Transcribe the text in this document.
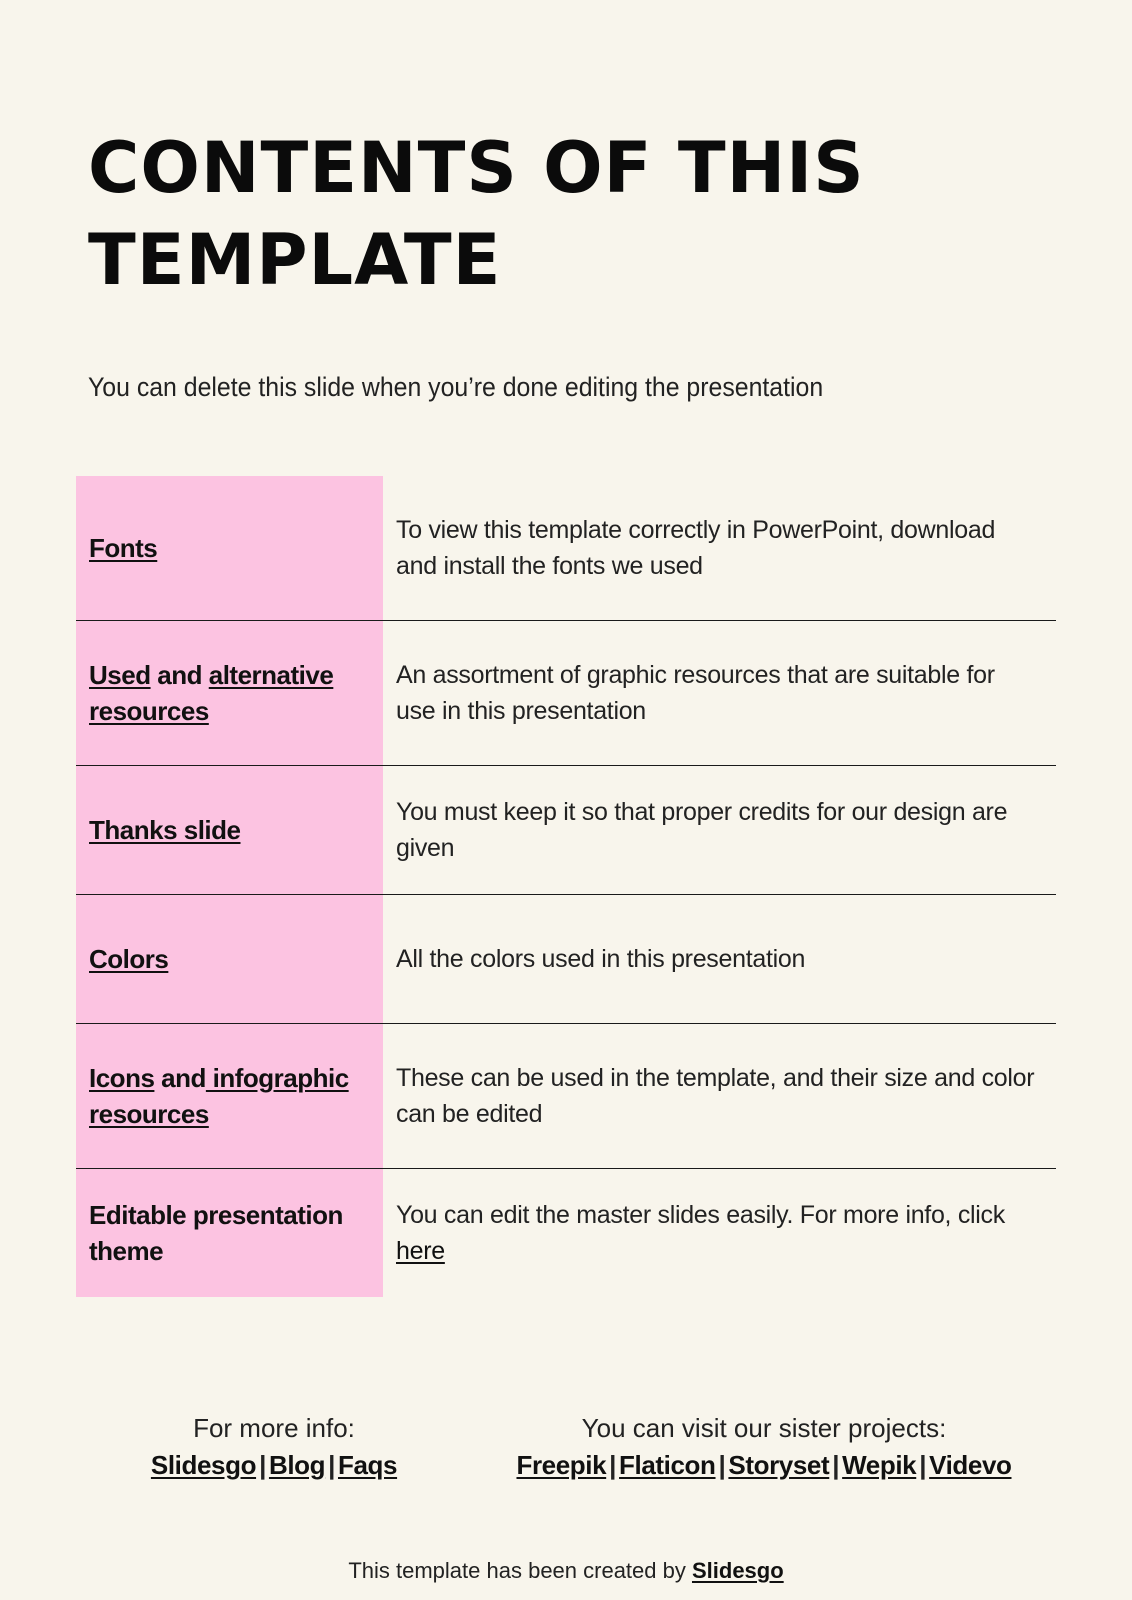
CONTENTS OF THIS
TEMPLATE
You can delete this slide when you’re done editing the presentation
Fonts
To view this template correctly in PowerPoint, download and install the fonts we used
Used and alternative resources
An assortment of graphic resources that are suitable for use in this presentation
Thanks slide
You must keep it so that proper credits for our design are given
Colors	All the colors used in this presentation
Icons and infographic resources
These can be used in the template, and their size and color can be edited
Editable presentation theme
You can edit the master slides easily. For more info, click here
For more info:
Slidesgo | Blog | Faqs
You can visit our sister projects:
Freepik | Flaticon | Storyset | Wepik | Videvo
This template has been created by Slidesgo
